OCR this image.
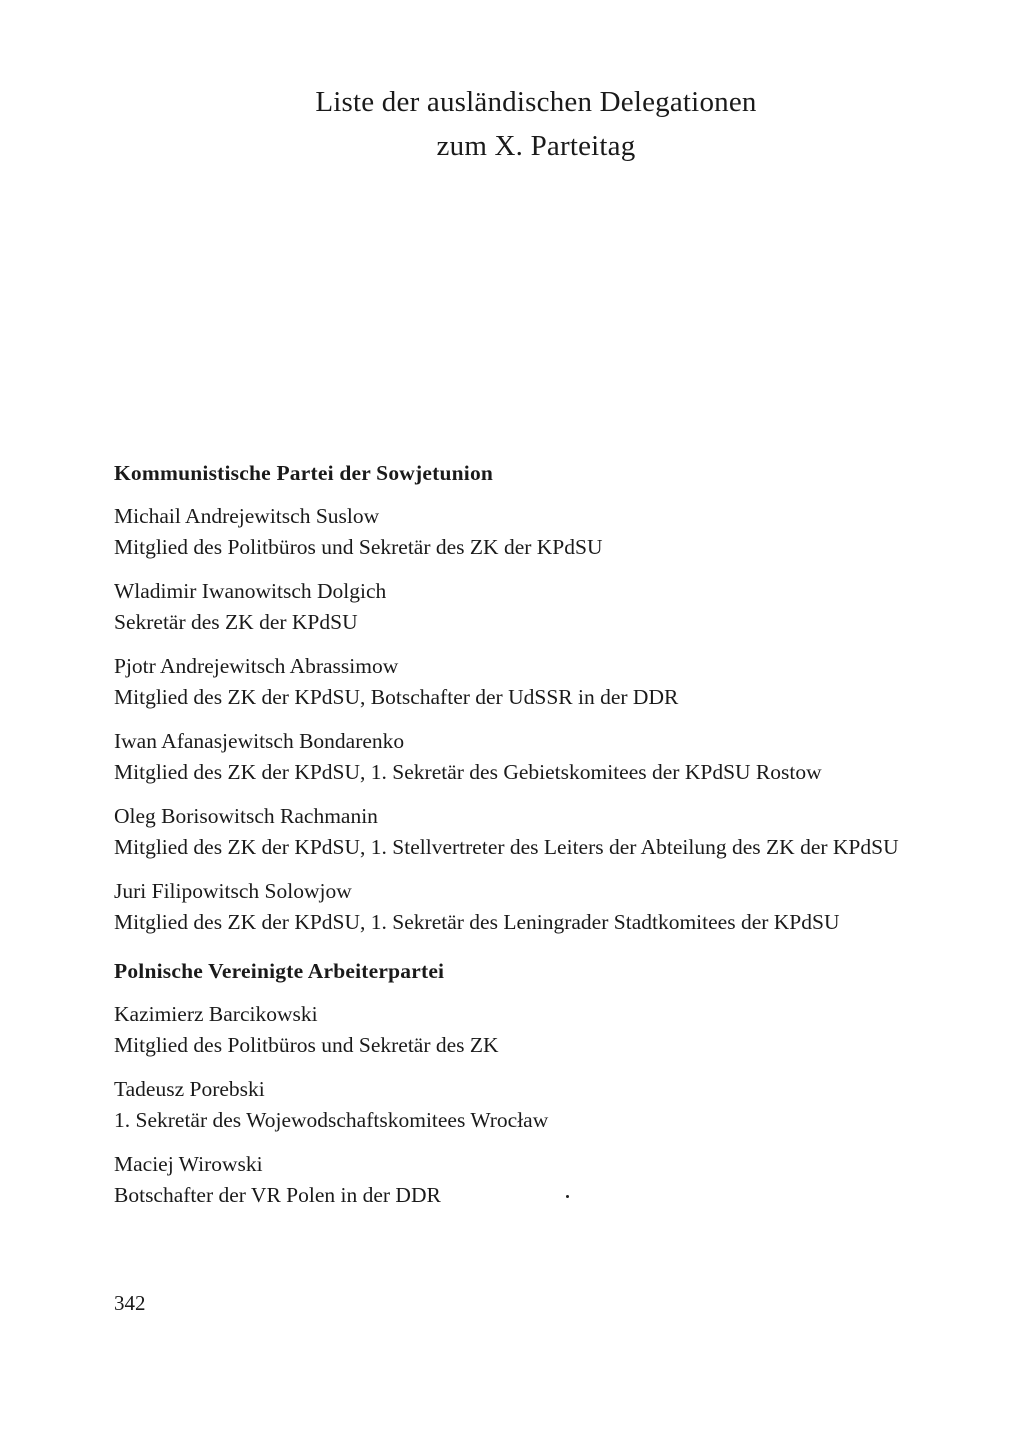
Liste der ausländischen Delegationen
zum X. Parteitag
Kommunistische Partei der Sowjetunion
Michail Andrejewitsch Suslow
Mitglied des Politbüros und Sekretär des ZK der KPdSU
Wladimir Iwanowitsch Dolgich
Sekretär des ZK der KPdSU
Pjotr Andrejewitsch Abrassimow
Mitglied des ZK der KPdSU, Botschafter der UdSSR in der DDR
Iwan Afanasjewitsch Bondarenko
Mitglied des ZK der KPdSU, 1. Sekretär des Gebietskomitees der KPdSU Rostow
Oleg Borisowitsch Rachmanin
Mitglied des ZK der KPdSU, 1. Stellvertreter des Leiters der Abteilung des ZK der KPdSU
Juri Filipowitsch Solowjow
Mitglied des ZK der KPdSU, 1. Sekretär des Leningrader Stadtkomitees der KPdSU
Polnische Vereinigte Arbeiterpartei
Kazimierz Barcikowski
Mitglied des Politbüros und Sekretär des ZK
Tadeusz Porebski
1. Sekretär des Wojewodschaftskomitees Wrocław
Maciej Wirowski
Botschafter der VR Polen in der DDR
342
